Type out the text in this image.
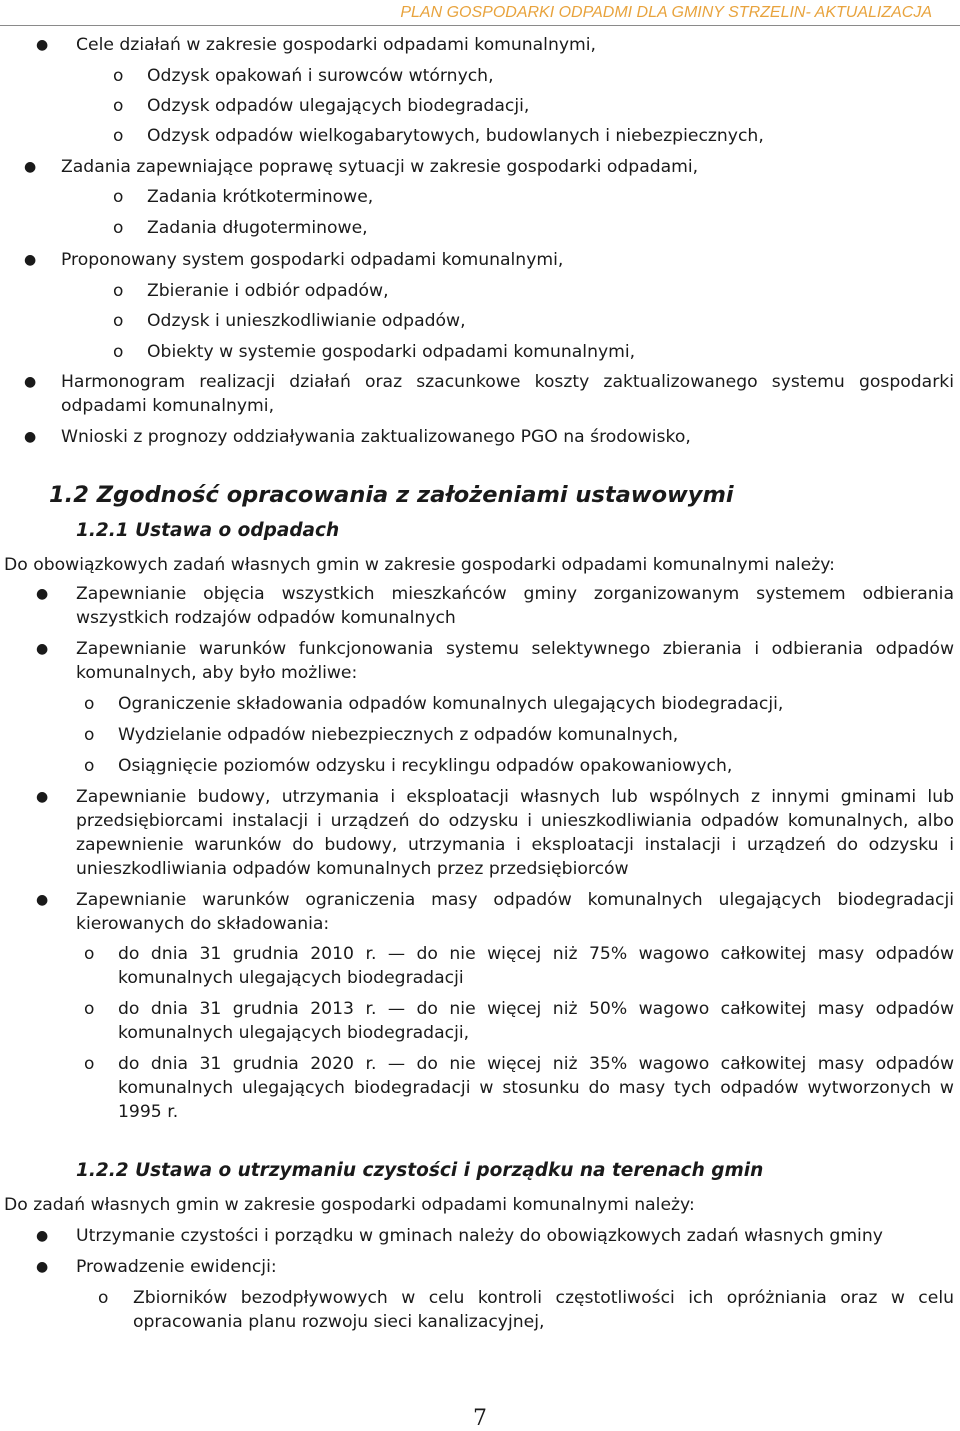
PLAN GOSPODARKI ODPADMI DLA GMINY STRZELIN- AKTUALIZACJA
● Cele działań w zakresie gospodarki odpadami komunalnymi,
o Odzysk opakowań i surowców wtórnych,
o Odzysk odpadów ulegających biodegradacji,
o Odzysk odpadów wielkogabarytowych, budowlanych i niebezpiecznych,
● Zadania zapewniające poprawę sytuacji w zakresie gospodarki odpadami,
o Zadania krótkoterminowe,
o Zadania długoterminowe,
● Proponowany system gospodarki odpadami komunalnymi,
o Zbieranie i odbiór odpadów,
o Odzysk i unieszkodliwianie odpadów,
o Obiekty w systemie gospodarki odpadami komunalnymi,
● Harmonogram realizacji działań oraz szacunkowe koszty zaktualizowanego systemu gospodarki
odpadami komunalnymi,
● Wnioski z prognozy oddziaływania zaktualizowanego PGO na środowisko,
1.2 Zgodność opracowania z założeniami ustawowymi
1.2.1 Ustawa o odpadach
Do obowiązkowych zadań własnych gmin w zakresie gospodarki odpadami komunalnymi należy:
● Zapewnianie objęcia wszystkich mieszkańców gminy zorganizowanym systemem odbierania
wszystkich rodzajów odpadów komunalnych
● Zapewnianie warunków funkcjonowania systemu selektywnego zbierania i odbierania odpadów
komunalnych, aby było możliwe:
o Ograniczenie składowania odpadów komunalnych ulegających biodegradacji,
o Wydzielanie odpadów niebezpiecznych z odpadów komunalnych,
o Osiągnięcie poziomów odzysku i recyklingu odpadów opakowaniowych,
● Zapewnianie budowy, utrzymania i eksploatacji własnych lub wspólnych z innymi gminami lub
przedsiębiorcami instalacji i urządzeń do odzysku i unieszkodliwiania odpadów komunalnych, albo
zapewnienie warunków do budowy, utrzymania i eksploatacji instalacji i urządzeń do odzysku i
unieszkodliwiania odpadów komunalnych przez przedsiębiorców
● Zapewnianie warunków ograniczenia masy odpadów komunalnych ulegających biodegradacji
kierowanych do składowania:
o do dnia 31 grudnia 2010 r. — do nie więcej niż 75% wagowo całkowitej masy odpadów
komunalnych ulegających biodegradacji
o do dnia 31 grudnia 2013 r. — do nie więcej niż 50% wagowo całkowitej masy odpadów
komunalnych ulegających biodegradacji,
o do dnia 31 grudnia 2020 r. — do nie więcej niż 35% wagowo całkowitej masy odpadów
komunalnych ulegających biodegradacji w stosunku do masy tych odpadów wytworzonych w
1995 r.
1.2.2 Ustawa o utrzymaniu czystości i porządku na terenach gmin
Do zadań własnych gmin w zakresie gospodarki odpadami komunalnymi należy:
● Utrzymanie czystości i porządku w gminach należy do obowiązkowych zadań własnych gminy
● Prowadzenie ewidencji:
o Zbiorników bezodpływowych w celu kontroli częstotliwości ich opróżniania oraz w celu
opracowania planu rozwoju sieci kanalizacyjnej,
7
